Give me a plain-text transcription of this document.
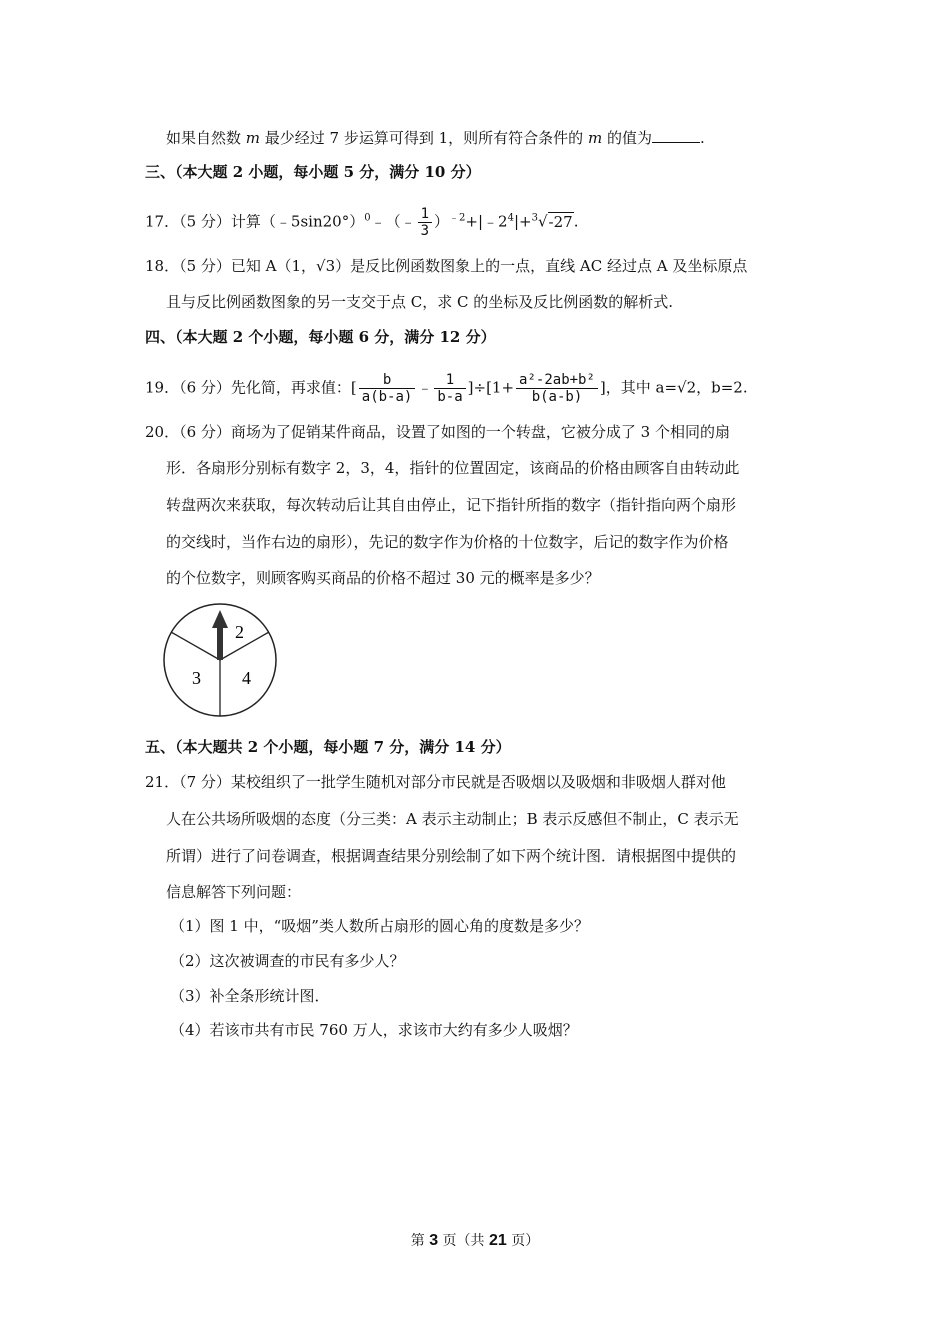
如果自然数 m 最少经过 7 步运算可得到 1，则所有符合条件的 m 的值为	.
三、（本大题 2 小题，每小题 5 分，满分 10 分）
17．（5 分）计算（﹣5sin20°）$^0$﹣（﹣ $\frac{1}{3}$ ）$^{﹣2}+|﹣2^4|+^3√-27$.
18．（5 分）已知 A（1，√3）是反比例函数图象上的一点，直线 AC 经过点 A 及坐标原点
且与反比例函数图象的另一支交于点 C，求 C 的坐标及反比例函数的解析式.
四、（本大题 2 个小题，每小题 6 分，满分 12 分）
19．（6 分）先化简，再求值：[ $\frac{b}{a(b-a)}$ ﹣ $\frac{1}{b-a} ]\div[1+ \frac{\text{a²-2ab+b²}}{b(a-b)}$ ]，其中 a=√2，b=2.
20．（6 分）商场为了促销某件商品，设置了如图的一个转盘，它被分成了 3 个相同的扇
形．各扇形分别标有数字 2，3，4，指针的位置固定，该商品的价格由顾客自由转动此
转盘两次来获取，每次转动后让其自由停止，记下指针所指的数字（指针指向两个扇形
的交线时，当作右边的扇形），先记的数字作为价格的十位数字，后记的数字作为价格
的个位数字，则顾客购买商品的价格不超过 30 元的概率是多少？
2
3 4
五、（本大题共 2 个小题，每小题 7 分，满分 14 分）
21．（7 分）某校组织了一批学生随机对部分市民就是否吸烟以及吸烟和非吸烟人群对他
人在公共场所吸烟的态度（分三类：A 表示主动制止；B 表示反感但不制止，C 表示无
所谓）进行了问卷调查，根据调查结果分别绘制了如下两个统计图．请根据图中提供的
信息解答下列问题：
（1）图 1 中，“吸烟”类人数所占扇形的圆心角的度数是多少？
（2）这次被调查的市民有多少人？
（3）补全条形统计图．
（4）若该市共有市民 760 万人，求该市大约有多少人吸烟？
第 3 页（共 21 页）
